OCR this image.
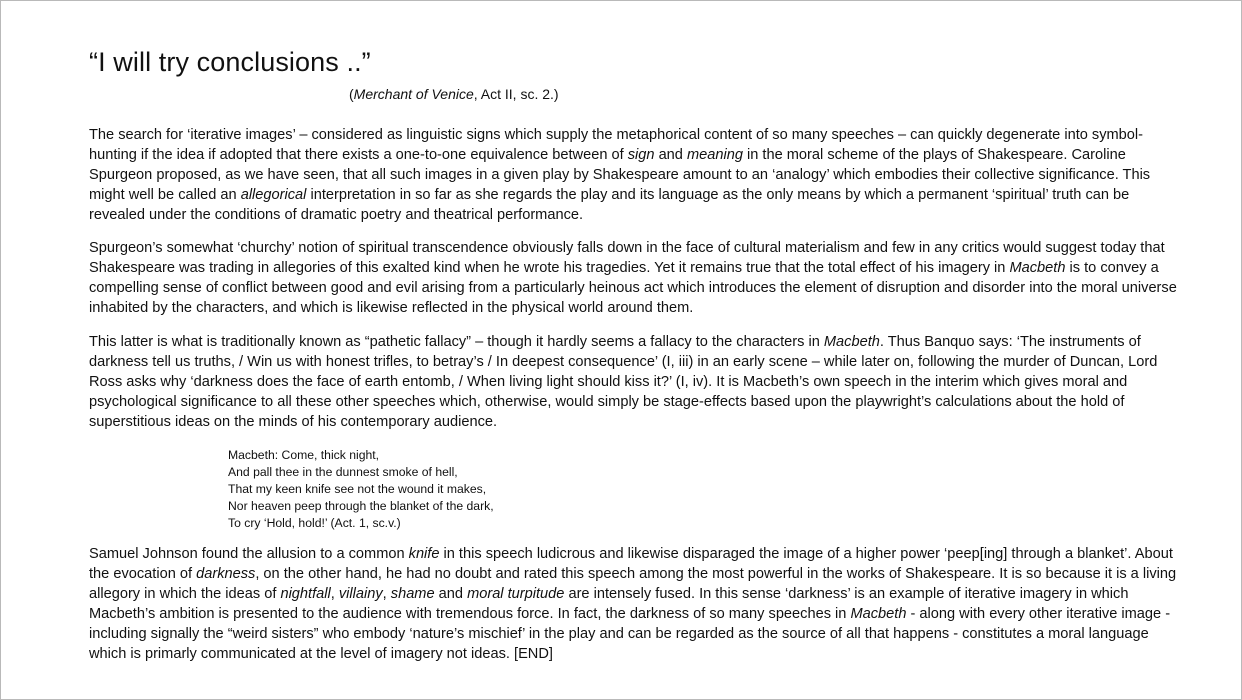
“I will try conclusions ..”
(Merchant of Venice, Act II, sc. 2.)

The search for ‘iterative images’ – considered as linguistic signs which supply the metaphorical content of so many speeches – can quickly degenerate into symbol-hunting if the idea if adopted that there exists a one-to-one equivalence between of sign and meaning in the moral scheme of the plays of Shakespeare. Caroline Spurgeon proposed, as we have seen, that all such images in a given play by Shakespeare amount to an ‘analogy’ which embodies their collective significance. This might well be called an allegorical interpretation in so far as she regards the play and its language as the only means by which a permanent ‘spiritual’ truth can be revealed under the conditions of dramatic poetry and theatrical performance.

Spurgeon’s somewhat ‘churchy’ notion of spiritual transcendence obviously falls down in the face of cultural materialism and few in any critics would suggest today that Shakespeare was trading in allegories of this exalted kind when he wrote his tragedies. Yet it remains true that the total effect of his imagery in Macbeth is to convey a compelling sense of conflict between good and evil arising from a particularly heinous act which introduces the element of disruption and disorder into the moral universe inhabited by the characters, and which is likewise reflected in the physical world around them.

This latter is what is traditionally known as “pathetic fallacy” – though it hardly seems a fallacy to the characters in Macbeth. Thus Banquo says: ‘The instruments of darkness tell us truths, / Win us with honest trifles, to betray’s / In deepest consequence’ (I, iii) in an early scene – while later on, following the murder of Duncan, Lord Ross asks why ‘darkness does the face of earth entomb, / When living light should kiss it?’ (I, iv). It is Macbeth’s own speech in the interim which gives moral and psychological significance to all these other speeches which, otherwise, would simply be stage-effects based upon the playwright’s calculations about the hold of superstitious ideas on the minds of his contemporary audience.

Macbeth: Come, thick night,
And pall thee in the dunnest smoke of hell,
That my keen knife see not the wound it makes,
Nor heaven peep through the blanket of the dark,
To cry ‘Hold, hold!’ (Act. 1, sc.v.)

Samuel Johnson found the allusion to a common knife in this speech ludicrous and likewise disparaged the image of a higher power ‘peep[ing] through a blanket’. About the evocation of darkness, on the other hand, he had no doubt and rated this speech among the most powerful in the works of Shakespeare. It is so because it is a living allegory in which the ideas of nightfall, villainy, shame and moral turpitude are intensely fused. In this sense ‘darkness’ is an example of iterative imagery in which Macbeth’s ambition is presented to the audience with tremendous force. In fact, the darkness of so many speeches in Macbeth - along with every other iterative image - including signally the “weird sisters” who embody ‘nature’s mischief’ in the play and can be regarded as the source of all that happens - constitutes a moral language which is primarly communicated at the level of imagery not ideas. [END]
